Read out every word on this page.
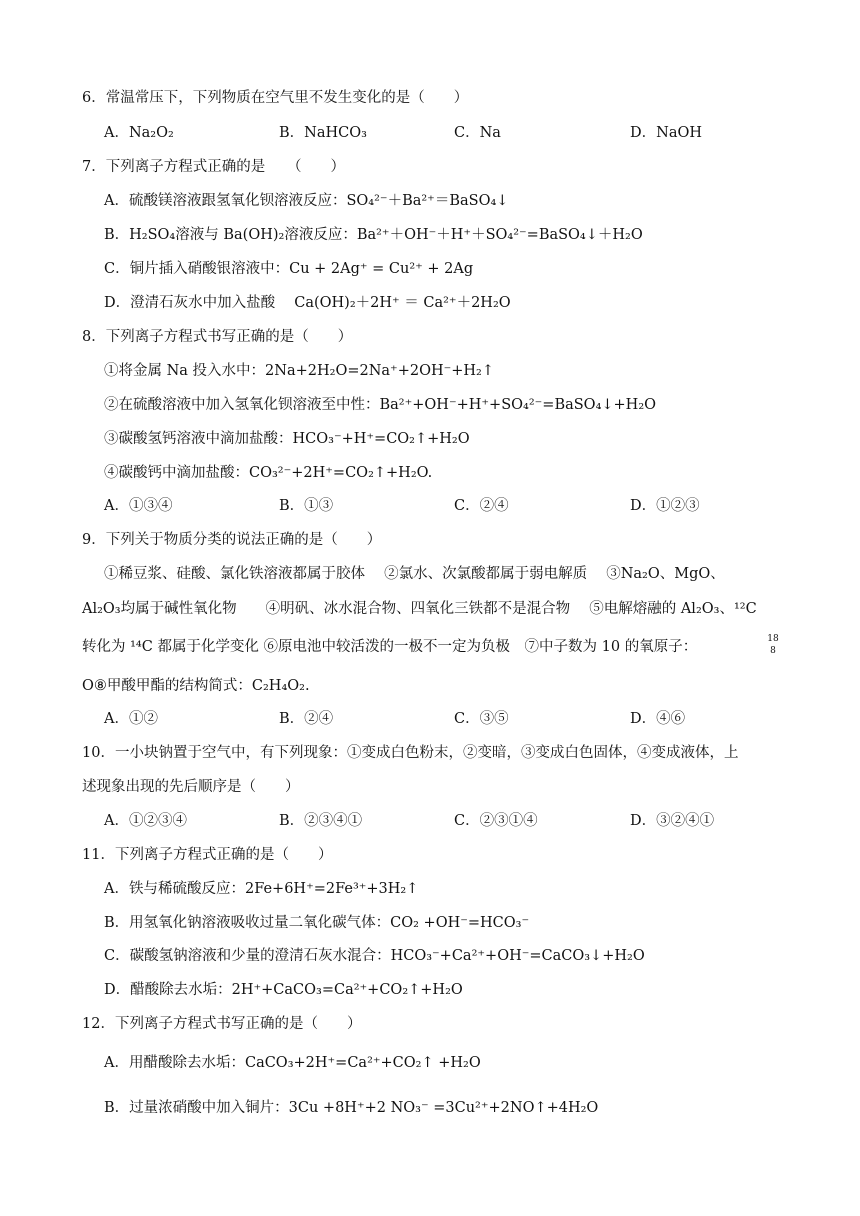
6．常温常压下，下列物质在空气里不发生变化的是（　　）
A．Na₂O₂	B．NaHCO₃	C．Na	D．NaOH
7．下列离子方程式正确的是　　（　　）
A．硫酸镁溶液跟氢氧化钡溶液反应：SO₄²⁻＋Ba²⁺＝BaSO₄↓
B．H₂SO₄溶液与 Ba(OH)₂溶液反应：Ba²⁺＋OH⁻＋H⁺＋SO₄²⁻=BaSO₄↓＋H₂O
C．铜片插入硝酸银溶液中：Cu + 2Ag⁺ = Cu²⁺ + 2Ag
D．澄清石灰水中加入盐酸　 Ca(OH)₂＋2H⁺ ＝ Ca²⁺＋2H₂O
8．下列离子方程式书写正确的是（　　）
①将金属 Na 投入水中：2Na+2H₂O=2Na⁺+2OH⁻+H₂↑
②在硫酸溶液中加入氢氧化钡溶液至中性：Ba²⁺+OH⁻+H⁺+SO₄²⁻=BaSO₄↓+H₂O
③碳酸氢钙溶液中滴加盐酸：HCO₃⁻+H⁺=CO₂↑+H₂O
④碳酸钙中滴加盐酸：CO₃²⁻+2H⁺=CO₂↑+H₂O.
A．①③④	B．①③	C．②④	D．①②③
9．下列关于物质分类的说法正确的是（　　）
①稀豆浆、硅酸、氯化铁溶液都属于胶体　 ②氯水、次氯酸都属于弱电解质　 ③Na₂O、MgO、
Al₂O₃均属于碱性氧化物　　④明矾、冰水混合物、四氧化三铁都不是混合物　 ⑤电解熔融的 Al₂O₃、¹²C
转化为 ¹⁴C 都属于化学变化 ⑥原电池中较活泼的一极不一定为负极　⑦中子数为 10 的氧原子：	18
8
O⑧甲酸甲酯的结构简式：C₂H₄O₂.
A．①②	B．②④	C．③⑤	D．④⑥
10．一小块钠置于空气中，有下列现象：①变成白色粉末，②变暗，③变成白色固体，④变成液体，上
述现象出现的先后顺序是（　　）
A．①②③④	B．②③④①	C．②③①④	D．③②④①
11．下列离子方程式正确的是（　　）
A．铁与稀硫酸反应：2Fe+6H⁺=2Fe³⁺+3H₂↑
B．用氢氧化钠溶液吸收过量二氧化碳气体：CO₂ +OH⁻=HCO₃⁻
C．碳酸氢钠溶液和少量的澄清石灰水混合：HCO₃⁻+Ca²⁺+OH⁻=CaCO₃↓+H₂O
D．醋酸除去水垢：2H⁺+CaCO₃=Ca²⁺+CO₂↑+H₂O
12．下列离子方程式书写正确的是（　　）
A．用醋酸除去水垢：CaCO₃+2H⁺=Ca²⁺+CO₂↑ +H₂O
B．过量浓硝酸中加入铜片：3Cu +8H⁺+2 NO₃⁻ =3Cu²⁺+2NO↑+4H₂O
